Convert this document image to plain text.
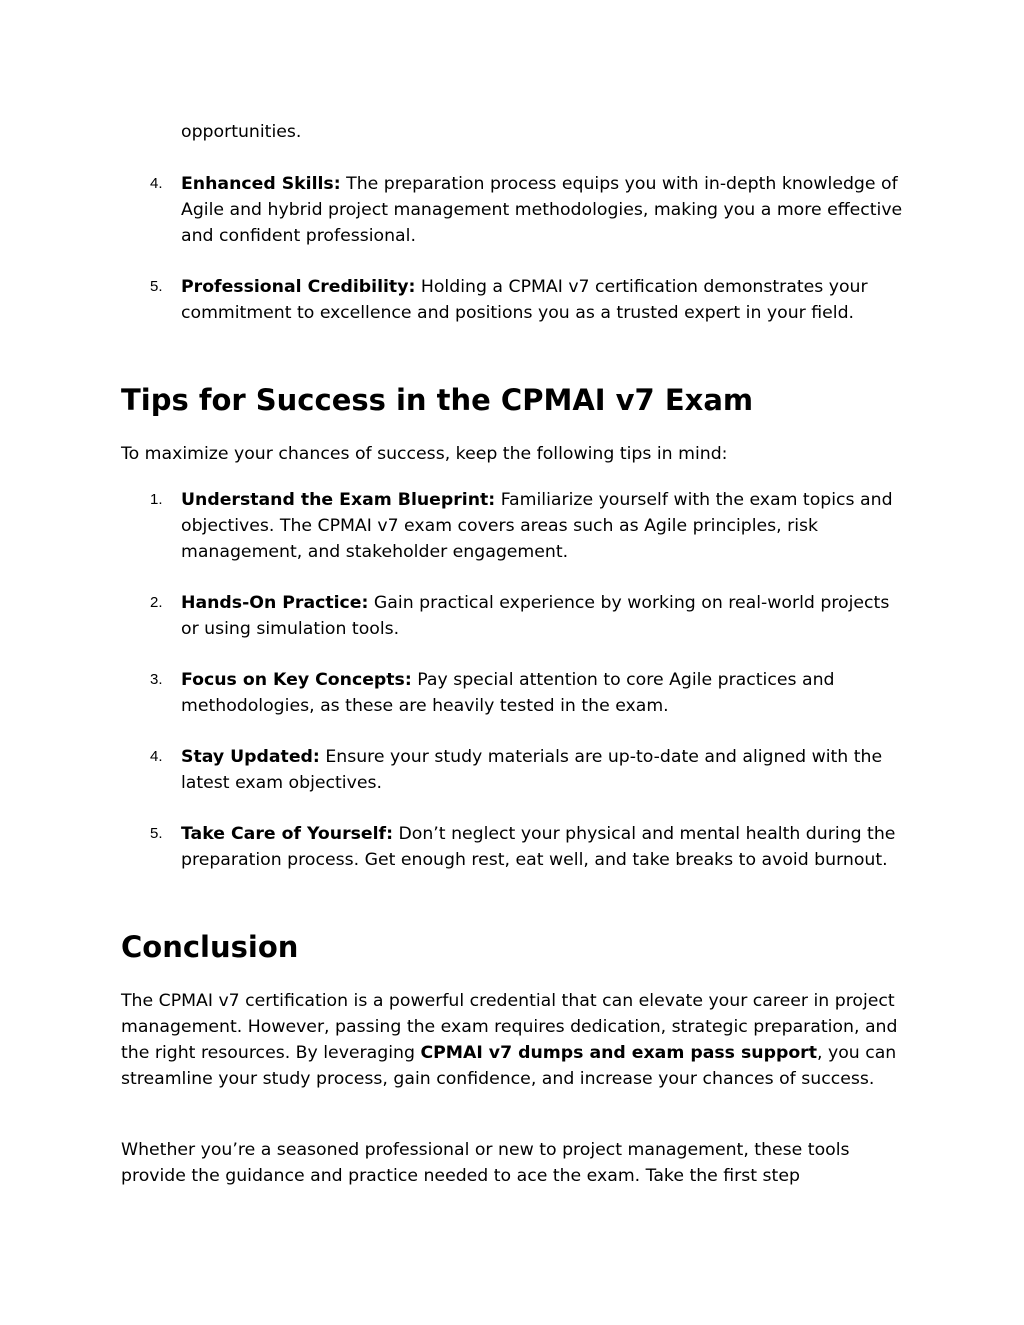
opportunities.

4. Enhanced Skills: The preparation process equips you with in-depth knowledge of Agile and hybrid project management methodologies, making you a more effective and confident professional.
5. Professional Credibility: Holding a CPMAI v7 certification demonstrates your commitment to excellence and positions you as a trusted expert in your field.
Tips for Success in the CPMAI v7 Exam

To maximize your chances of success, keep the following tips in mind:

1. Understand the Exam Blueprint: Familiarize yourself with the exam topics and objectives. The CPMAI v7 exam covers areas such as Agile principles, risk management, and stakeholder engagement.
2. Hands-On Practice: Gain practical experience by working on real-world projects or using simulation tools.
3. Focus on Key Concepts: Pay special attention to core Agile practices and methodologies, as these are heavily tested in the exam.
4. Stay Updated: Ensure your study materials are up-to-date and aligned with the latest exam objectives.
5. Take Care of Yourself: Don’t neglect your physical and mental health during the preparation process. Get enough rest, eat well, and take breaks to avoid burnout.
Conclusion

The CPMAI v7 certification is a powerful credential that can elevate your career in project management. However, passing the exam requires dedication, strategic preparation, and the right resources. By leveraging CPMAI v7 dumps and exam pass support, you can streamline your study process, gain confidence, and increase your chances of success.

Whether you’re a seasoned professional or new to project management, these tools provide the guidance and practice needed to ace the exam. Take the first step
